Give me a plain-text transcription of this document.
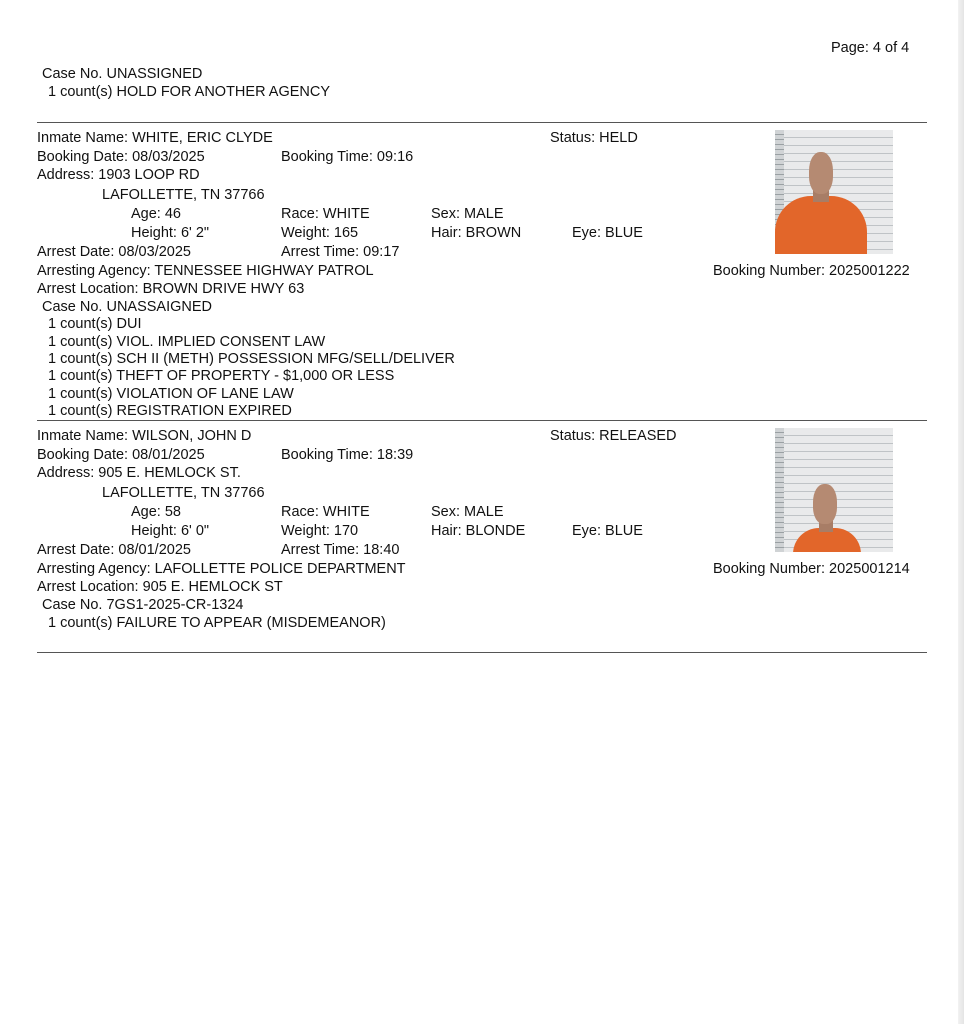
Page: 4 of 4
Case No. UNASSIGNED
1 count(s) HOLD FOR ANOTHER AGENCY
Inmate Name: WHITE, ERIC CLYDE	Status: HELD
Booking Date: 08/03/2025	Booking Time: 09:16
Address: 1903 LOOP RD
LAFOLLETTE, TN 37766
Age: 46	Race: WHITE	Sex: MALE
Height: 6' 2"	Weight: 165	Hair: BROWN	Eye: BLUE
Arrest Date: 08/03/2025	Arrest Time: 09:17
Arresting Agency: TENNESSEE HIGHWAY PATROL	Booking Number: 2025001222
Arrest Location: BROWN DRIVE HWY 63
Case No. UNASSAIGNED
1 count(s) DUI
1 count(s) VIOL. IMPLIED CONSENT LAW
1 count(s) SCH II (METH) POSSESSION MFG/SELL/DELIVER
1 count(s) THEFT OF PROPERTY - $1,000 OR LESS
1 count(s) VIOLATION OF LANE LAW
1 count(s) REGISTRATION EXPIRED
Inmate Name: WILSON, JOHN D	Status: RELEASED
Booking Date: 08/01/2025	Booking Time: 18:39
Address: 905 E. HEMLOCK ST.
LAFOLLETTE, TN 37766
Age: 58	Race: WHITE	Sex: MALE
Height: 6' 0"	Weight: 170	Hair: BLONDE	Eye: BLUE
Arrest Date: 08/01/2025	Arrest Time: 18:40
Arresting Agency: LAFOLLETTE POLICE DEPARTMENT	Booking Number: 2025001214
Arrest Location: 905 E. HEMLOCK ST
Case No. 7GS1-2025-CR-1324
1 count(s) FAILURE TO APPEAR (MISDEMEANOR)
